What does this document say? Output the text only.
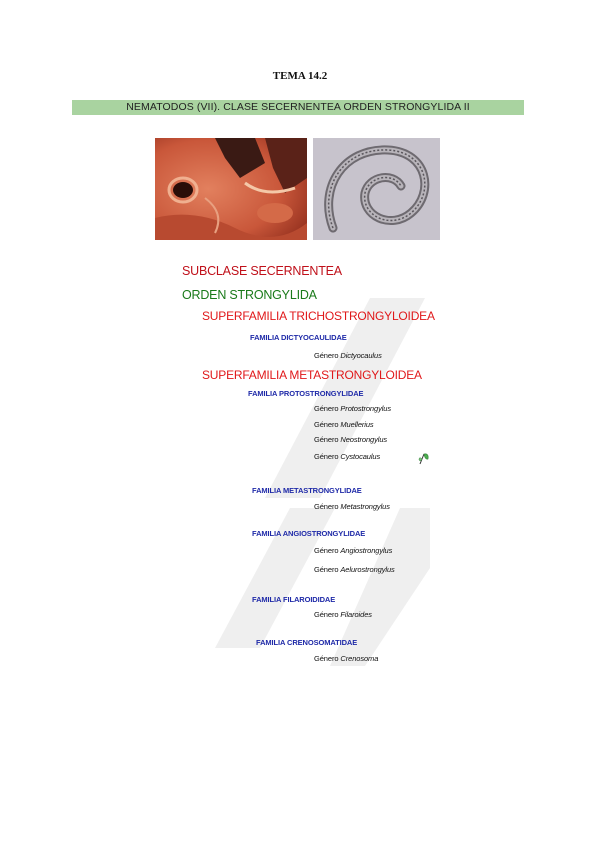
TEMA 14.2
NEMATODOS (VII). CLASE SECERNENTEA ORDEN STRONGYLIDA II
SUBCLASE SECERNENTEA
ORDEN STRONGYLIDA
SUPERFAMILIA TRICHOSTRONGYLOIDEA
FAMILIA DICTYOCAULIDAE
Género Dictyocaulus
SUPERFAMILIA METASTRONGYLOIDEA
FAMILIA PROTOSTRONGYLIDAE
Género Protostrongylus
Género Muellerius
Género Neostrongylus
Género Cystocaulus
FAMILIA METASTRONGYLIDAE
Género Metastrongylus
FAMILIA ANGIOSTRONGYLIDAE
Género Angiostrongylus
Género Aelurostrongylus
FAMILIA FILAROIDIDAE
Género Filaroides
FAMILIA CRENOSOMATIDAE
Género Crenosoma
